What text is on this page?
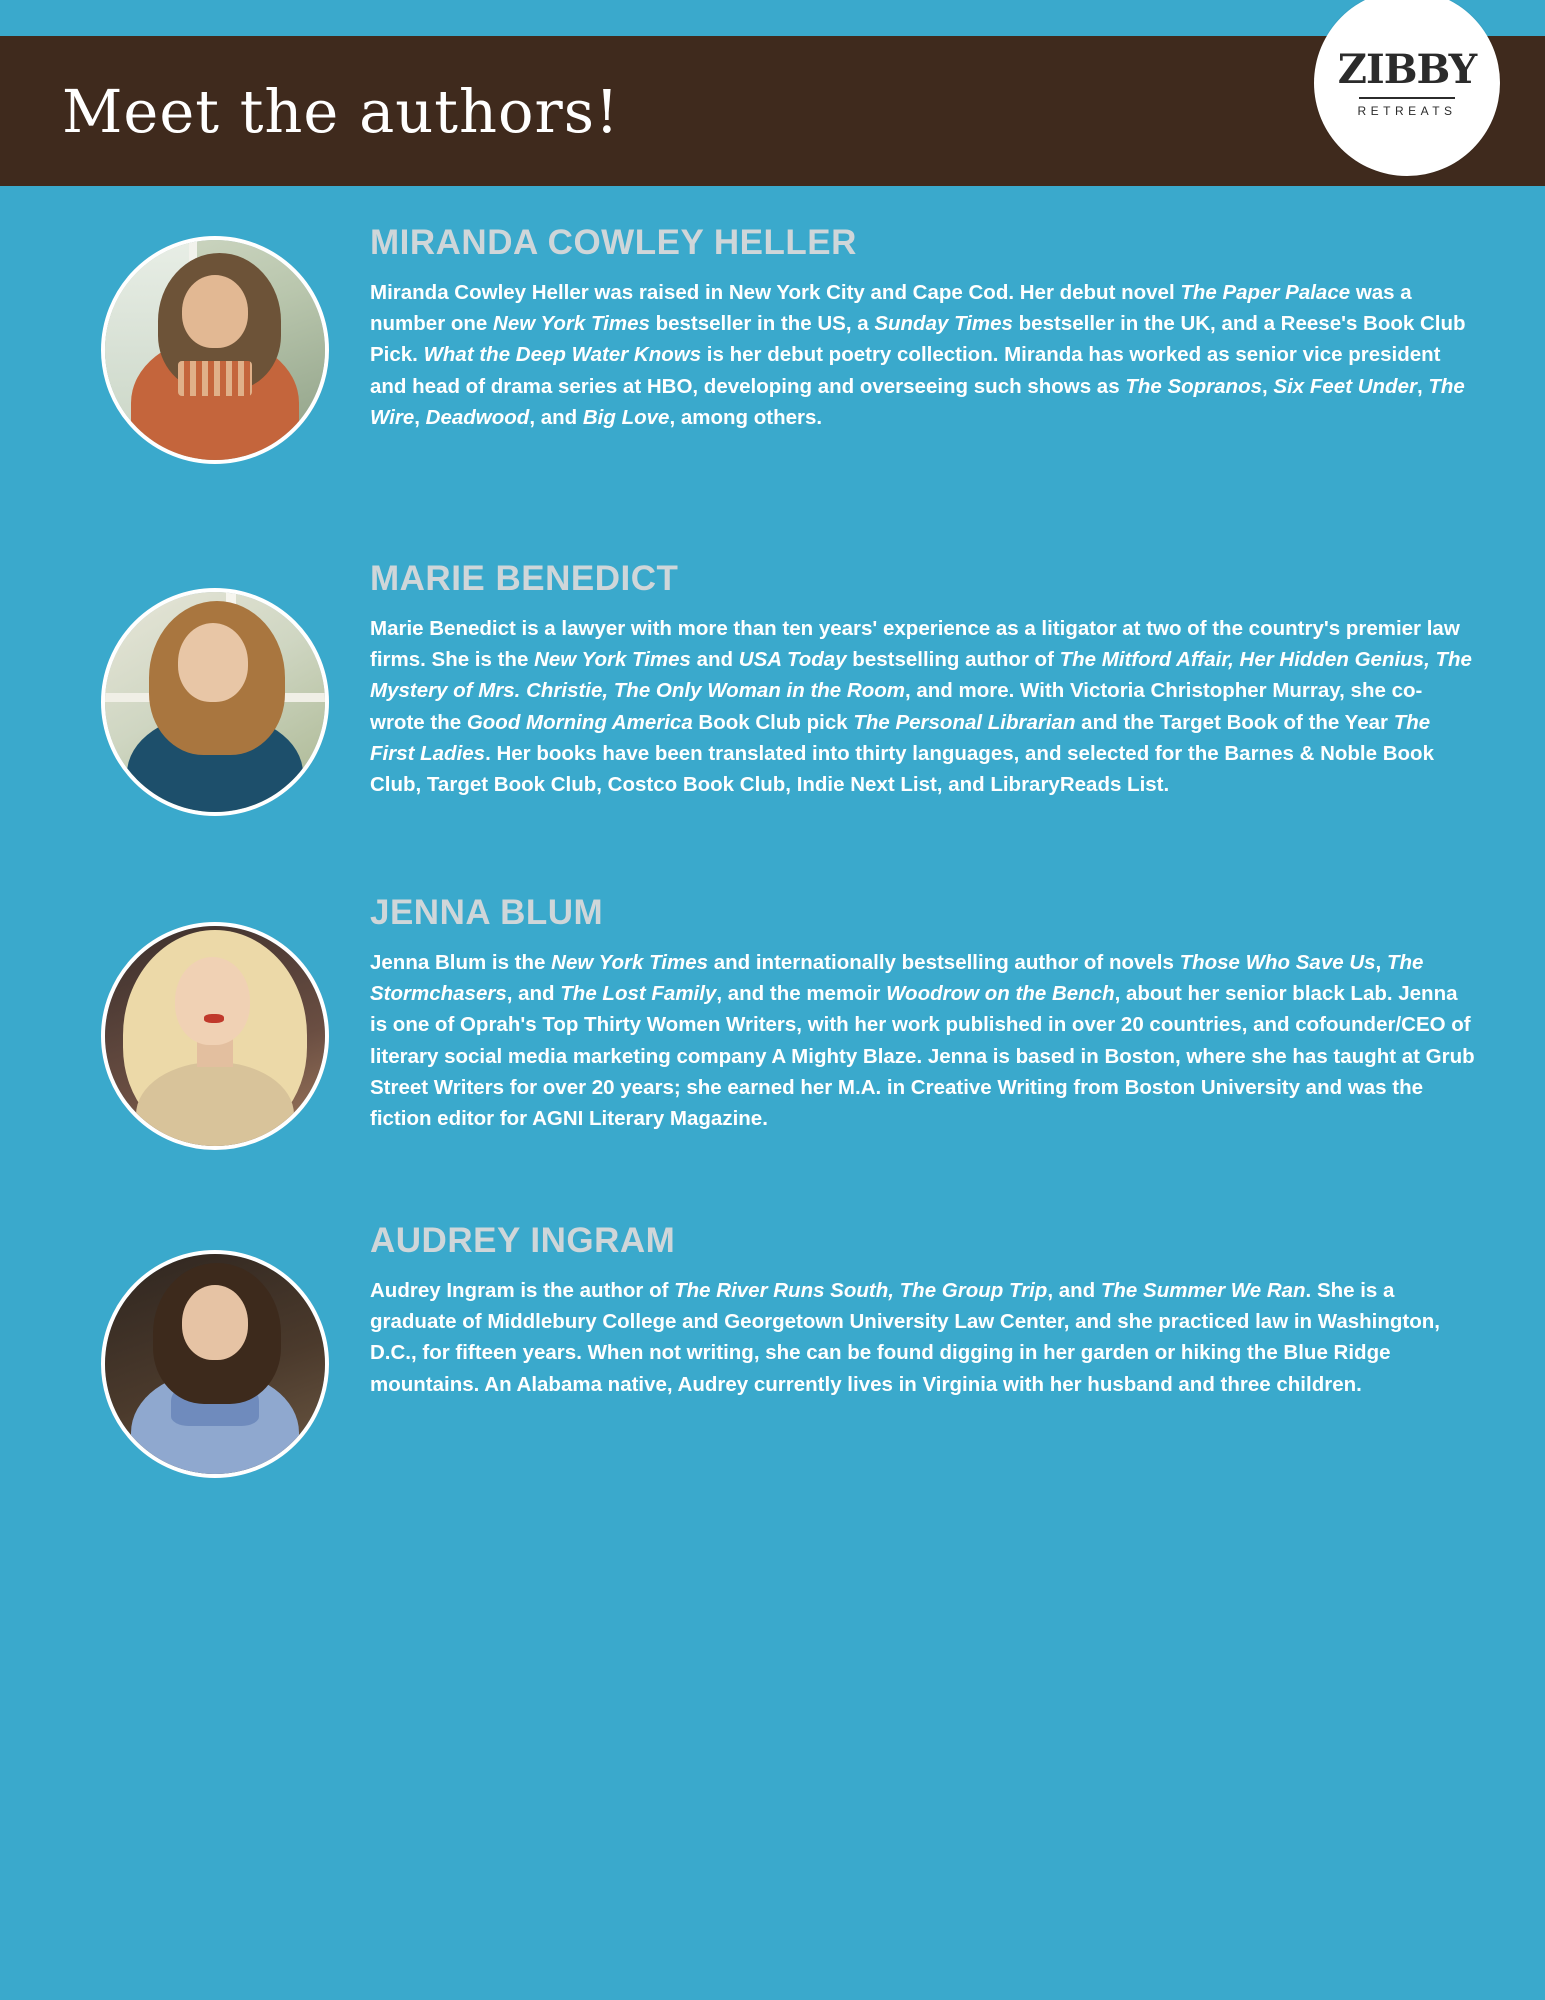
Meet the authors!
ZIBBY
RETREATS
MIRANDA COWLEY HELLER

Miranda Cowley Heller was raised in New York City and Cape Cod. Her debut novel The Paper Palace was a number one New York Times bestseller in the US, a Sunday Times bestseller in the UK, and a Reese's Book Club Pick. What the Deep Water Knows is her debut poetry collection. Miranda has worked as senior vice president and head of drama series at HBO, developing and overseeing such shows as The Sopranos, Six Feet Under, The Wire, Deadwood, and Big Love, among others.

MARIE BENEDICT

Marie Benedict is a lawyer with more than ten years' experience as a litigator at two of the country's premier law firms. She is the New York Times and USA Today bestselling author of The Mitford Affair, Her Hidden Genius, The Mystery of Mrs. Christie, The Only Woman in the Room, and more. With Victoria Christopher Murray, she co-wrote the Good Morning America Book Club pick The Personal Librarian and the Target Book of the Year The First Ladies. Her books have been translated into thirty languages, and selected for the Barnes & Noble Book Club, Target Book Club, Costco Book Club, Indie Next List, and LibraryReads List.

JENNA BLUM

Jenna Blum is the New York Times and internationally bestselling author of novels Those Who Save Us, The Stormchasers, and The Lost Family, and the memoir Woodrow on the Bench, about her senior black Lab. Jenna is one of Oprah's Top Thirty Women Writers, with her work published in over 20 countries, and cofounder/CEO of literary social media marketing company A Mighty Blaze. Jenna is based in Boston, where she has taught at Grub Street Writers for over 20 years; she earned her M.A. in Creative Writing from Boston University and was the fiction editor for AGNI Literary Magazine.

AUDREY INGRAM

Audrey Ingram is the author of The River Runs South, The Group Trip, and The Summer We Ran. She is a graduate of Middlebury College and Georgetown University Law Center, and she practiced law in Washington, D.C., for fifteen years. When not writing, she can be found digging in her garden or hiking the Blue Ridge mountains. An Alabama native, Audrey currently lives in Virginia with her husband and three children.
